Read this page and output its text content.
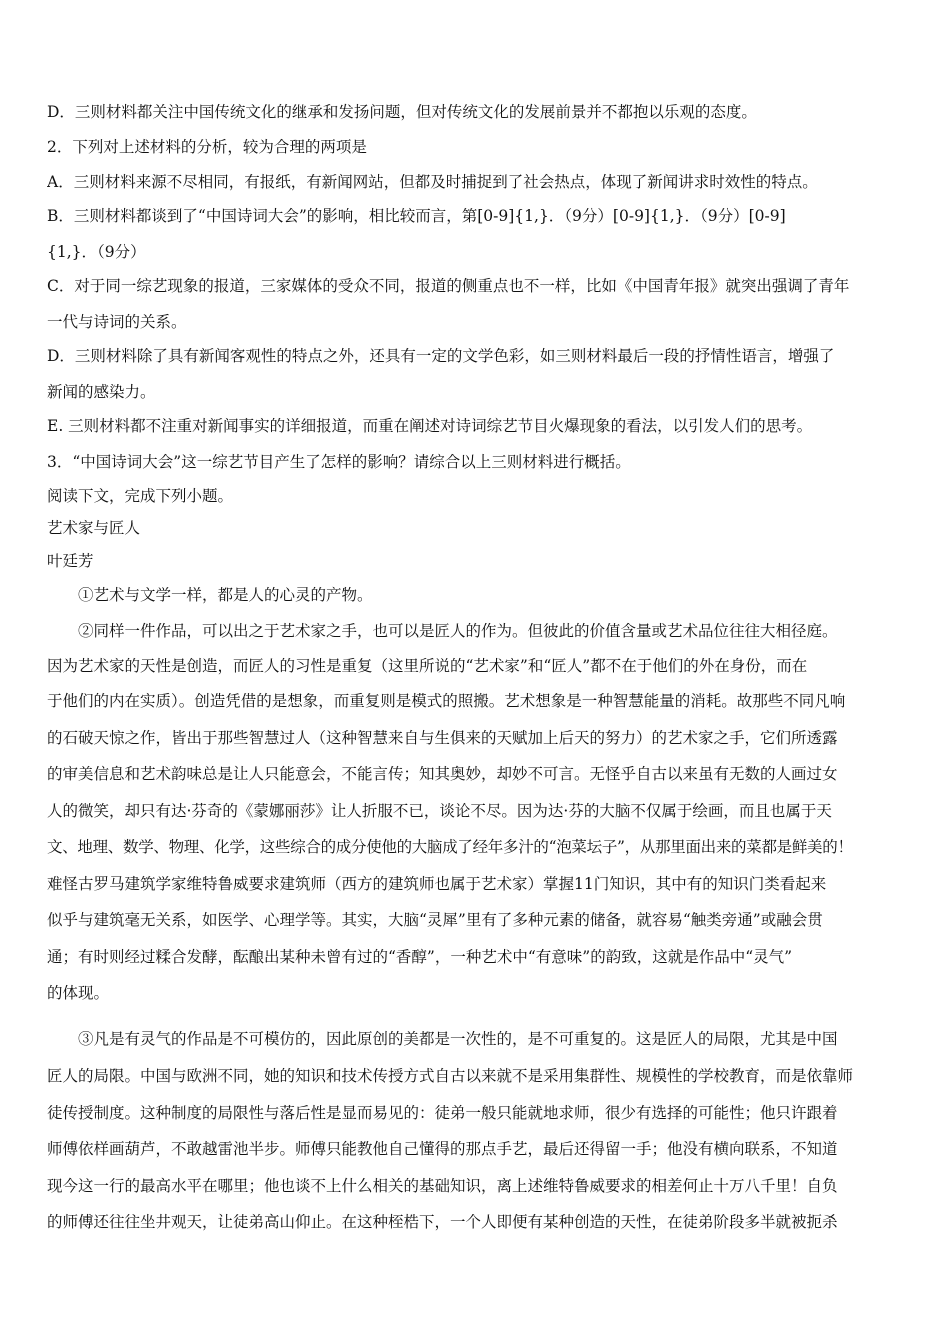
D．三则材料都关注中国传统文化的继承和发扬问题，但对传统文化的发展前景并不都抱以乐观的态度。
2．下列对上述材料的分析，较为合理的两项是
A．三则材料来源不尽相同，有报纸，有新闻网站，但都及时捕捉到了社会热点，体现了新闻讲求时效性的特点。
B．三则材料都谈到了“中国诗词大会”的影响，相比较而言，第[0-9]{1,}．（9分）[0-9]{1,}．（9分）[0-9]
{1,}．（9分）
C．对于同一综艺现象的报道，三家媒体的受众不同，报道的侧重点也不一样，比如《中国青年报》就突出强调了青年
一代与诗词的关系。
D．三则材料除了具有新闻客观性的特点之外，还具有一定的文学色彩，如三则材料最后一段的抒情性语言，增强了
新闻的感染力。
E. 三则材料都不注重对新闻事实的详细报道，而重在阐述对诗词综艺节目火爆现象的看法，以引发人们的思考。
3．“中国诗词大会”这一综艺节目产生了怎样的影响？请综合以上三则材料进行概括。
阅读下文，完成下列小题。
艺术家与匠人
叶廷芳
①艺术与文学一样，都是人的心灵的产物。
②同样一件作品，可以出之于艺术家之手，也可以是匠人的作为。但彼此的价值含量或艺术品位往往大相径庭。
因为艺术家的天性是创造，而匠人的习性是重复（这里所说的“艺术家”和“匠人”都不在于他们的外在身份，而在
于他们的内在实质）。创造凭借的是想象，而重复则是模式的照搬。艺术想象是一种智慧能量的消耗。故那些不同凡响
的石破天惊之作，皆出于那些智慧过人（这种智慧来自与生俱来的天赋加上后天的努力）的艺术家之手，它们所透露
的审美信息和艺术韵味总是让人只能意会，不能言传；知其奥妙，却妙不可言。无怪乎自古以来虽有无数的人画过女
人的微笑，却只有达·芬奇的《蒙娜丽莎》让人折服不已，谈论不尽。因为达·芬的大脑不仅属于绘画，而且也属于天
文、地理、数学、物理、化学，这些综合的成分使他的大脑成了经年多汁的“泡菜坛子”，从那里面出来的菜都是鲜美的！
难怪古罗马建筑学家维特鲁威要求建筑师（西方的建筑师也属于艺术家）掌握11门知识，其中有的知识门类看起来
似乎与建筑毫无关系，如医学、心理学等。其实，大脑“灵犀”里有了多种元素的储备，就容易“触类旁通”或融会贯
通；有时则经过糅合发酵，酝酿出某种未曾有过的“香醇”，一种艺术中“有意味”的韵致，这就是作品中“灵气”
的体现。
③凡是有灵气的作品是不可模仿的，因此原创的美都是一次性的，是不可重复的。这是匠人的局限，尤其是中国
匠人的局限。中国与欧洲不同，她的知识和技术传授方式自古以来就不是采用集群性、规模性的学校教育，而是依靠师
徒传授制度。这种制度的局限性与落后性是显而易见的：徒弟一般只能就地求师，很少有选择的可能性；他只许跟着
师傅依样画葫芦，不敢越雷池半步。师傅只能教他自己懂得的那点手艺，最后还得留一手；他没有横向联系，不知道
现今这一行的最高水平在哪里；他也谈不上什么相关的基础知识，离上述维特鲁威要求的相差何止十万八千里！自负
的师傅还往往坐井观天，让徒弟高山仰止。在这种桎梏下，一个人即便有某种创造的天性，在徒弟阶段多半就被扼杀
